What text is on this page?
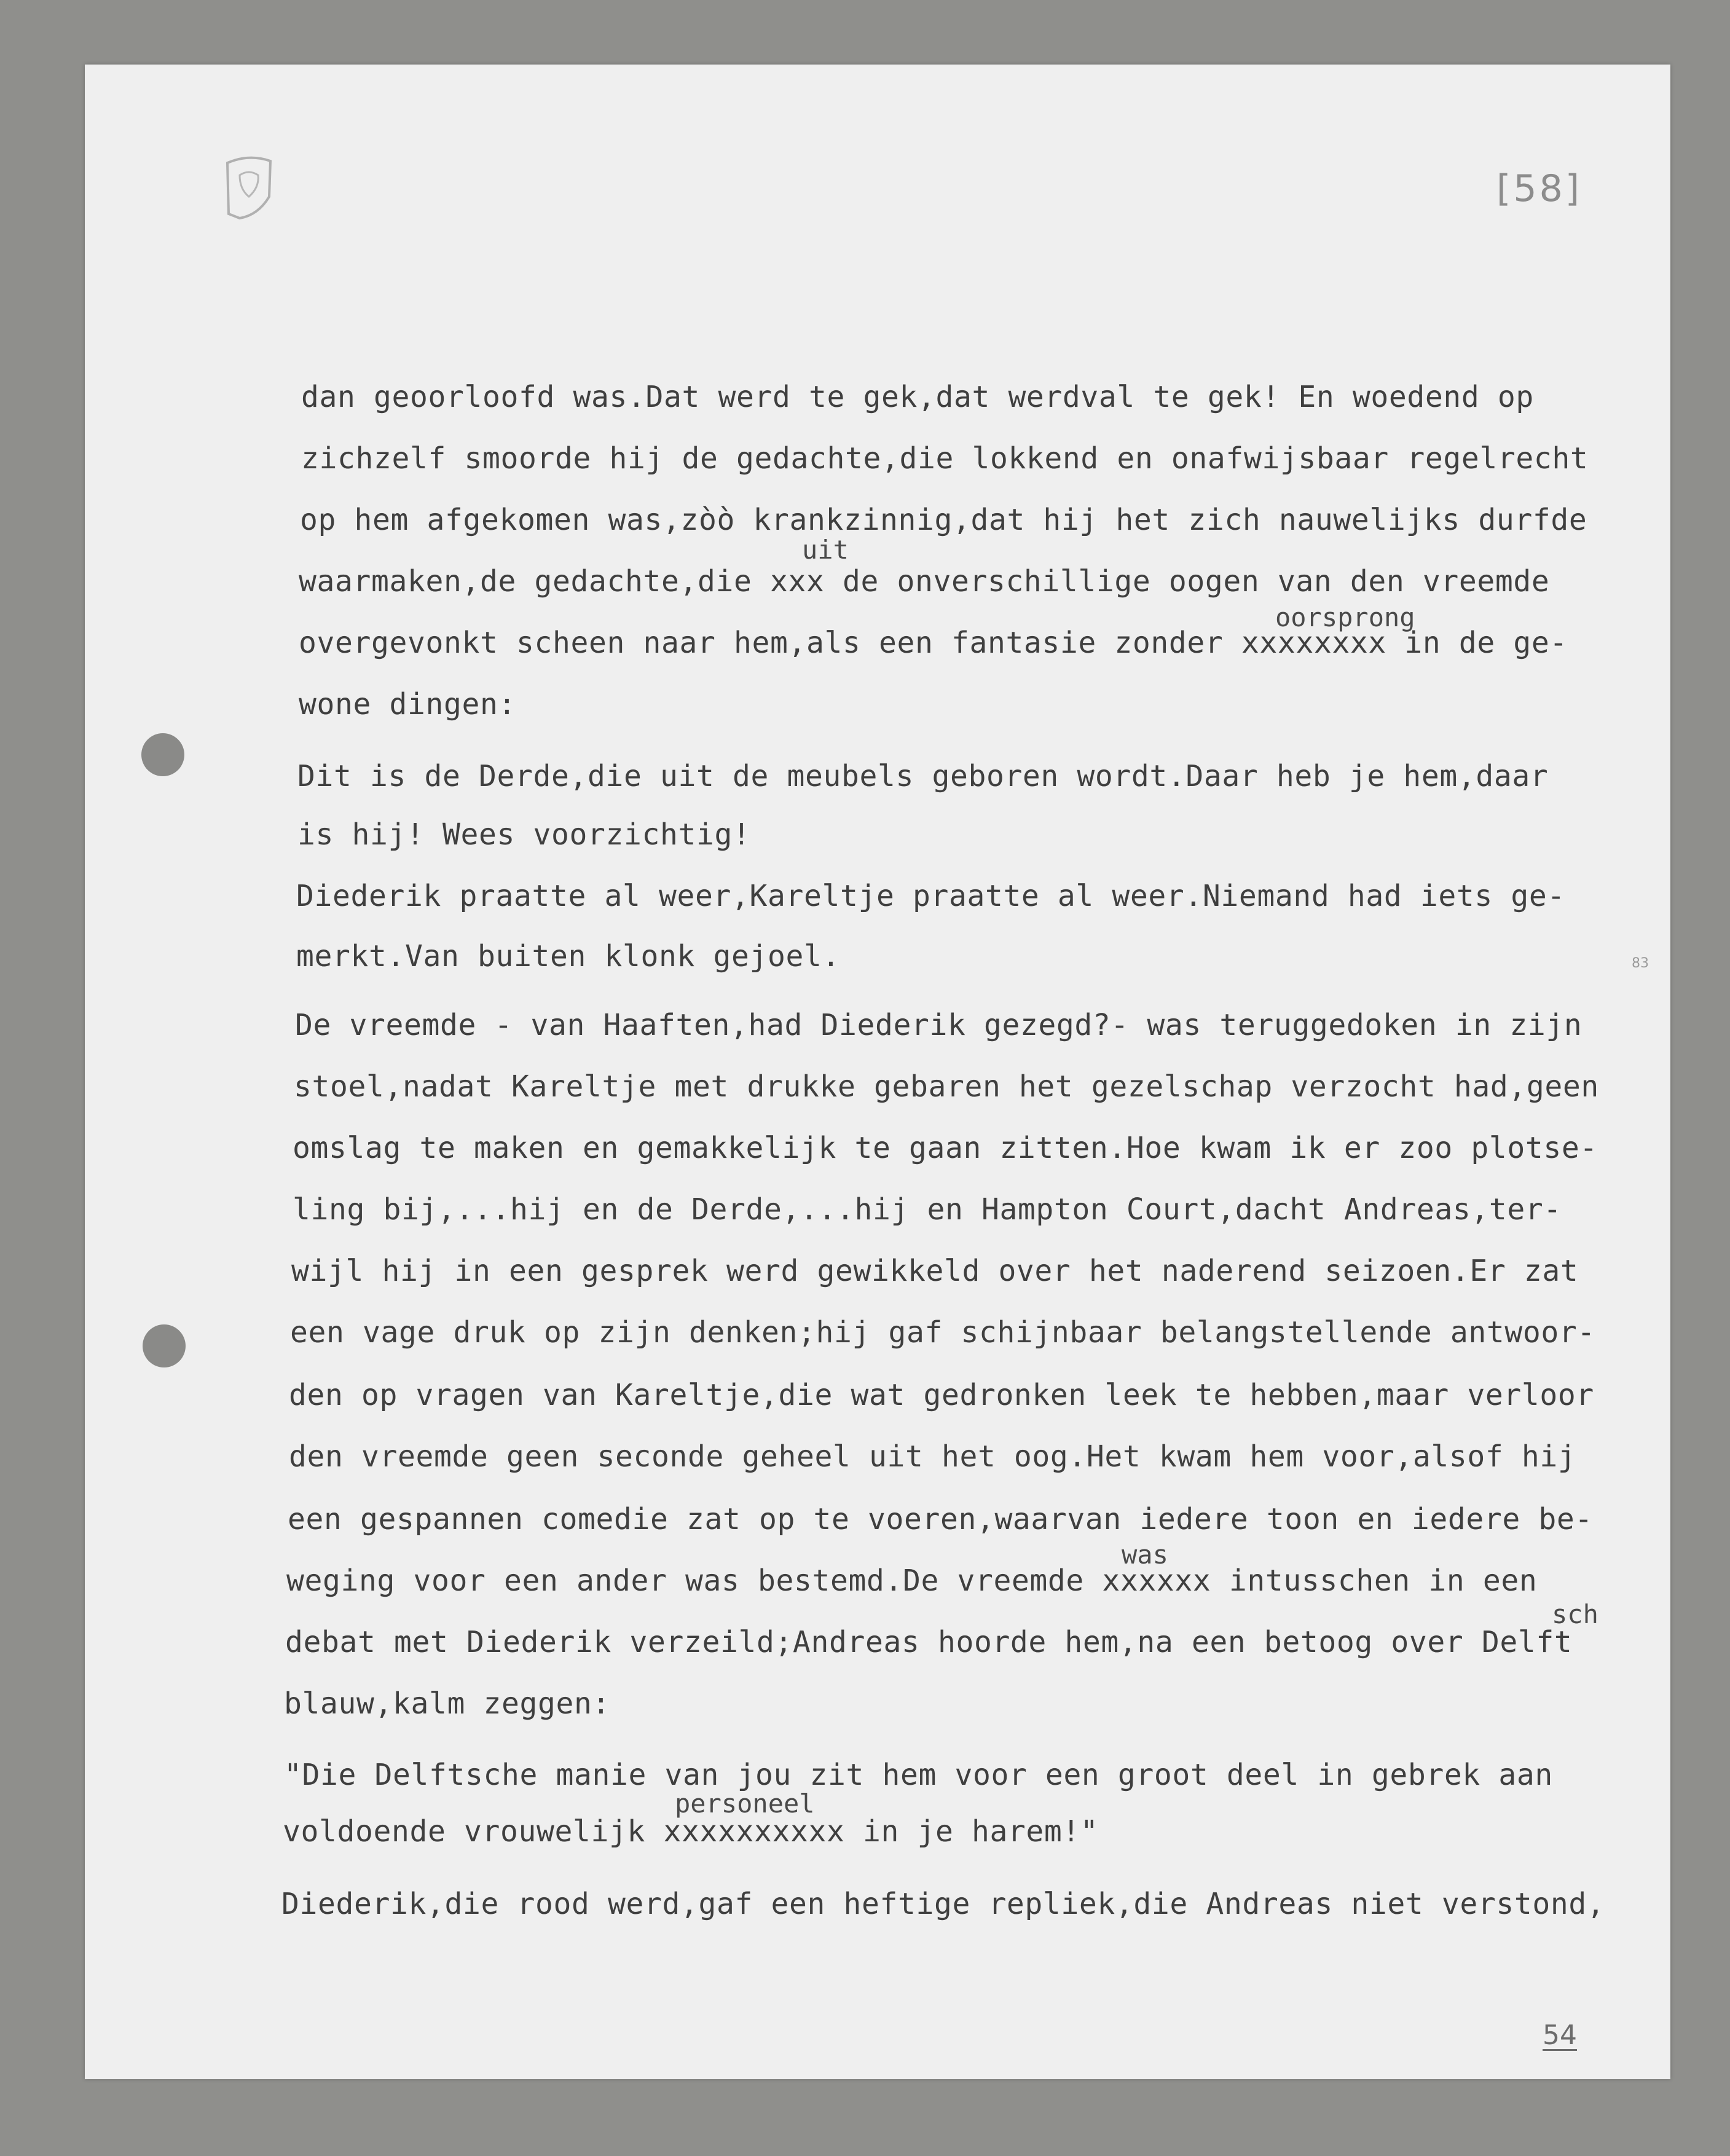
[58]
83
54
dan geoorloofd was.Dat werd te gek,dat werdval te gek! En woedend op
zichzelf smoorde hij de gedachte,die lokkend en onafwijsbaar regelrecht
op hem afgekomen was,zòò krankzinnig,dat hij het zich nauwelijks durfde
uit
waarmaken,de gedachte,die xxx de onverschillige oogen van den vreemde
oorsprong
overgevonkt scheen naar hem,als een fantasie zonder xxxxxxxx in de ge-
wone dingen:
Dit is de Derde,die uit de meubels geboren wordt.Daar heb je hem,daar
is hij! Wees voorzichtig!
Diederik praatte al weer,Kareltje praatte al weer.Niemand had iets ge-
merkt.Van buiten klonk gejoel.
De vreemde - van Haaften,had Diederik gezegd?- was teruggedoken in zijn
stoel,nadat Kareltje met drukke gebaren het gezelschap verzocht had,geen
omslag te maken en gemakkelijk te gaan zitten.Hoe kwam ik er zoo plotse-
ling bij,...hij en de Derde,...hij en Hampton Court,dacht Andreas,ter-
wijl hij in een gesprek werd gewikkeld over het naderend seizoen.Er zat
een vage druk op zijn denken;hij gaf schijnbaar belangstellende antwoor-
den op vragen van Kareltje,die wat gedronken leek te hebben,maar verloor
den vreemde geen seconde geheel uit het oog.Het kwam hem voor,alsof hij
een gespannen comedie zat op te voeren,waarvan iedere toon en iedere be-
was
weging voor een ander was bestemd.De vreemde xxxxxx intusschen in een
sch
debat met Diederik verzeild;Andreas hoorde hem,na een betoog over Delft
blauw,kalm zeggen:
"Die Delftsche manie van jou zit hem voor een groot deel in gebrek aan
personeel
voldoende vrouwelijk xxxxxxxxxx in je harem!"
Diederik,die rood werd,gaf een heftige repliek,die Andreas niet verstond,
